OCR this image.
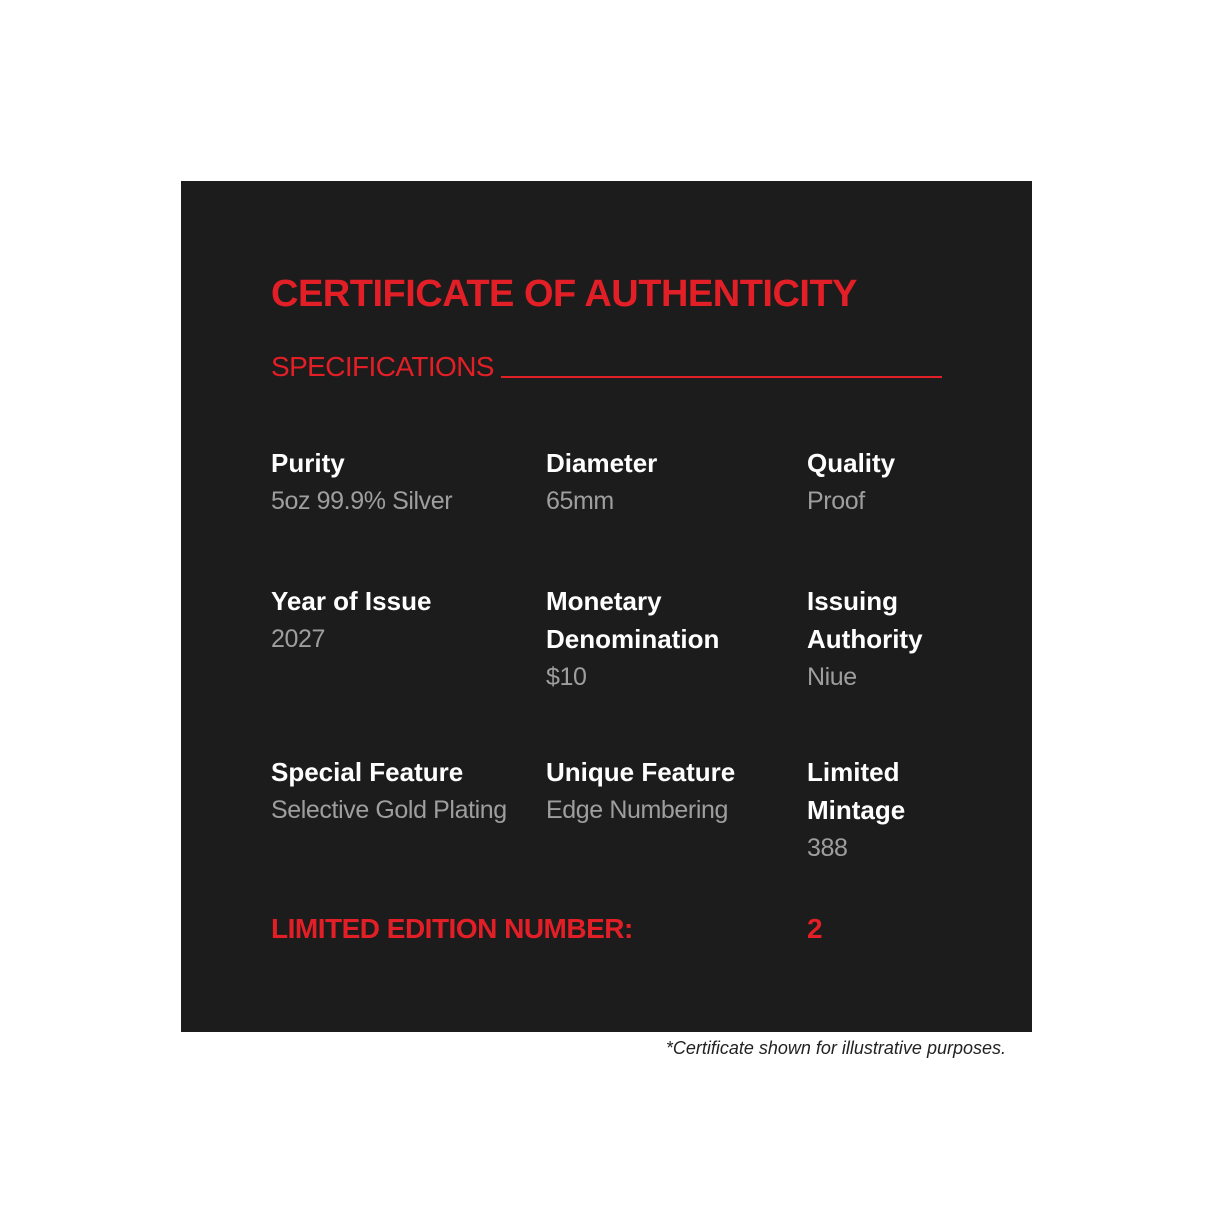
CERTIFICATE OF AUTHENTICITY
SPECIFICATIONS
Purity
5oz 99.9% Silver
Diameter
65mm
Quality
Proof
Year of Issue
2027
Monetary
Denomination
$10
Issuing
Authority
Niue
Special Feature
Selective Gold Plating
Unique Feature
Edge Numbering
Limited
Mintage
388
LIMITED EDITION NUMBER:	2
*Certificate shown for illustrative purposes.
